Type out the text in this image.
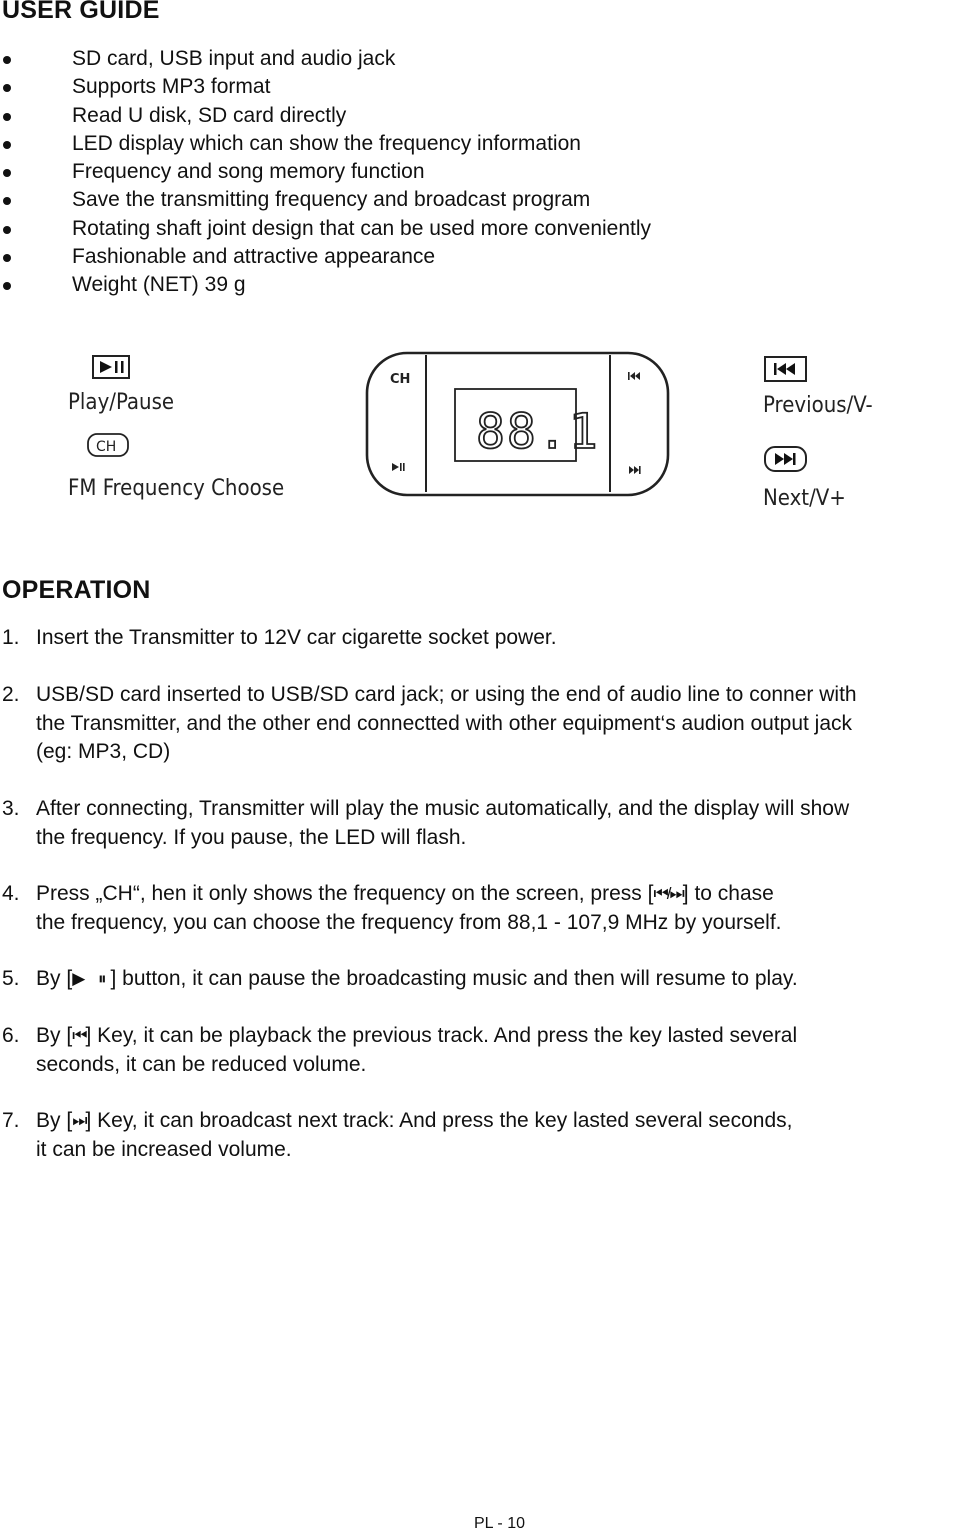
USER GUIDE
SD card, USB input and audio jack
Supports MP3 format
Read U disk, SD card directly
LED display which can show the frequency information
Frequency and song memory function
Save the transmitting frequency and broadcast program
Rotating shaft joint design that can be used more conveniently
Fashionable and attractive appearance
Weight (NET) 39 g
Play/Pause
CH
FM Frequency Choose
CH
88.1	Previous/V-
Next/V+
OPERATION
1. Insert the Transmitter to 12V car cigarette socket power.
2. USB/SD card inserted to USB/SD card jack; or using the end of audio line to conner with
the Transmitter, and the other end connectted with other equipment‘s audion output jack
(eg: MP3, CD)
3. After connecting, Transmitter will play the music automatically, and the display will show
the frequency. If you pause, the LED will flash.
4. Press „CH“, hen it only shows the frequency on the screen, press [⏮/⏭] to chase
the frequency, you can choose the frequency from 88,1 - 107,9 MHz by yourself.
5. By [▶ ⏸] button, it can pause the broadcasting music and then will resume to play.
6. By [⏮] Key, it can be playback the previous track. And press the key lasted several
seconds, it can be reduced volume.
7. By [⏭] Key, it can broadcast next track: And press the key lasted several seconds,
it can be increased volume.
PL - 10
